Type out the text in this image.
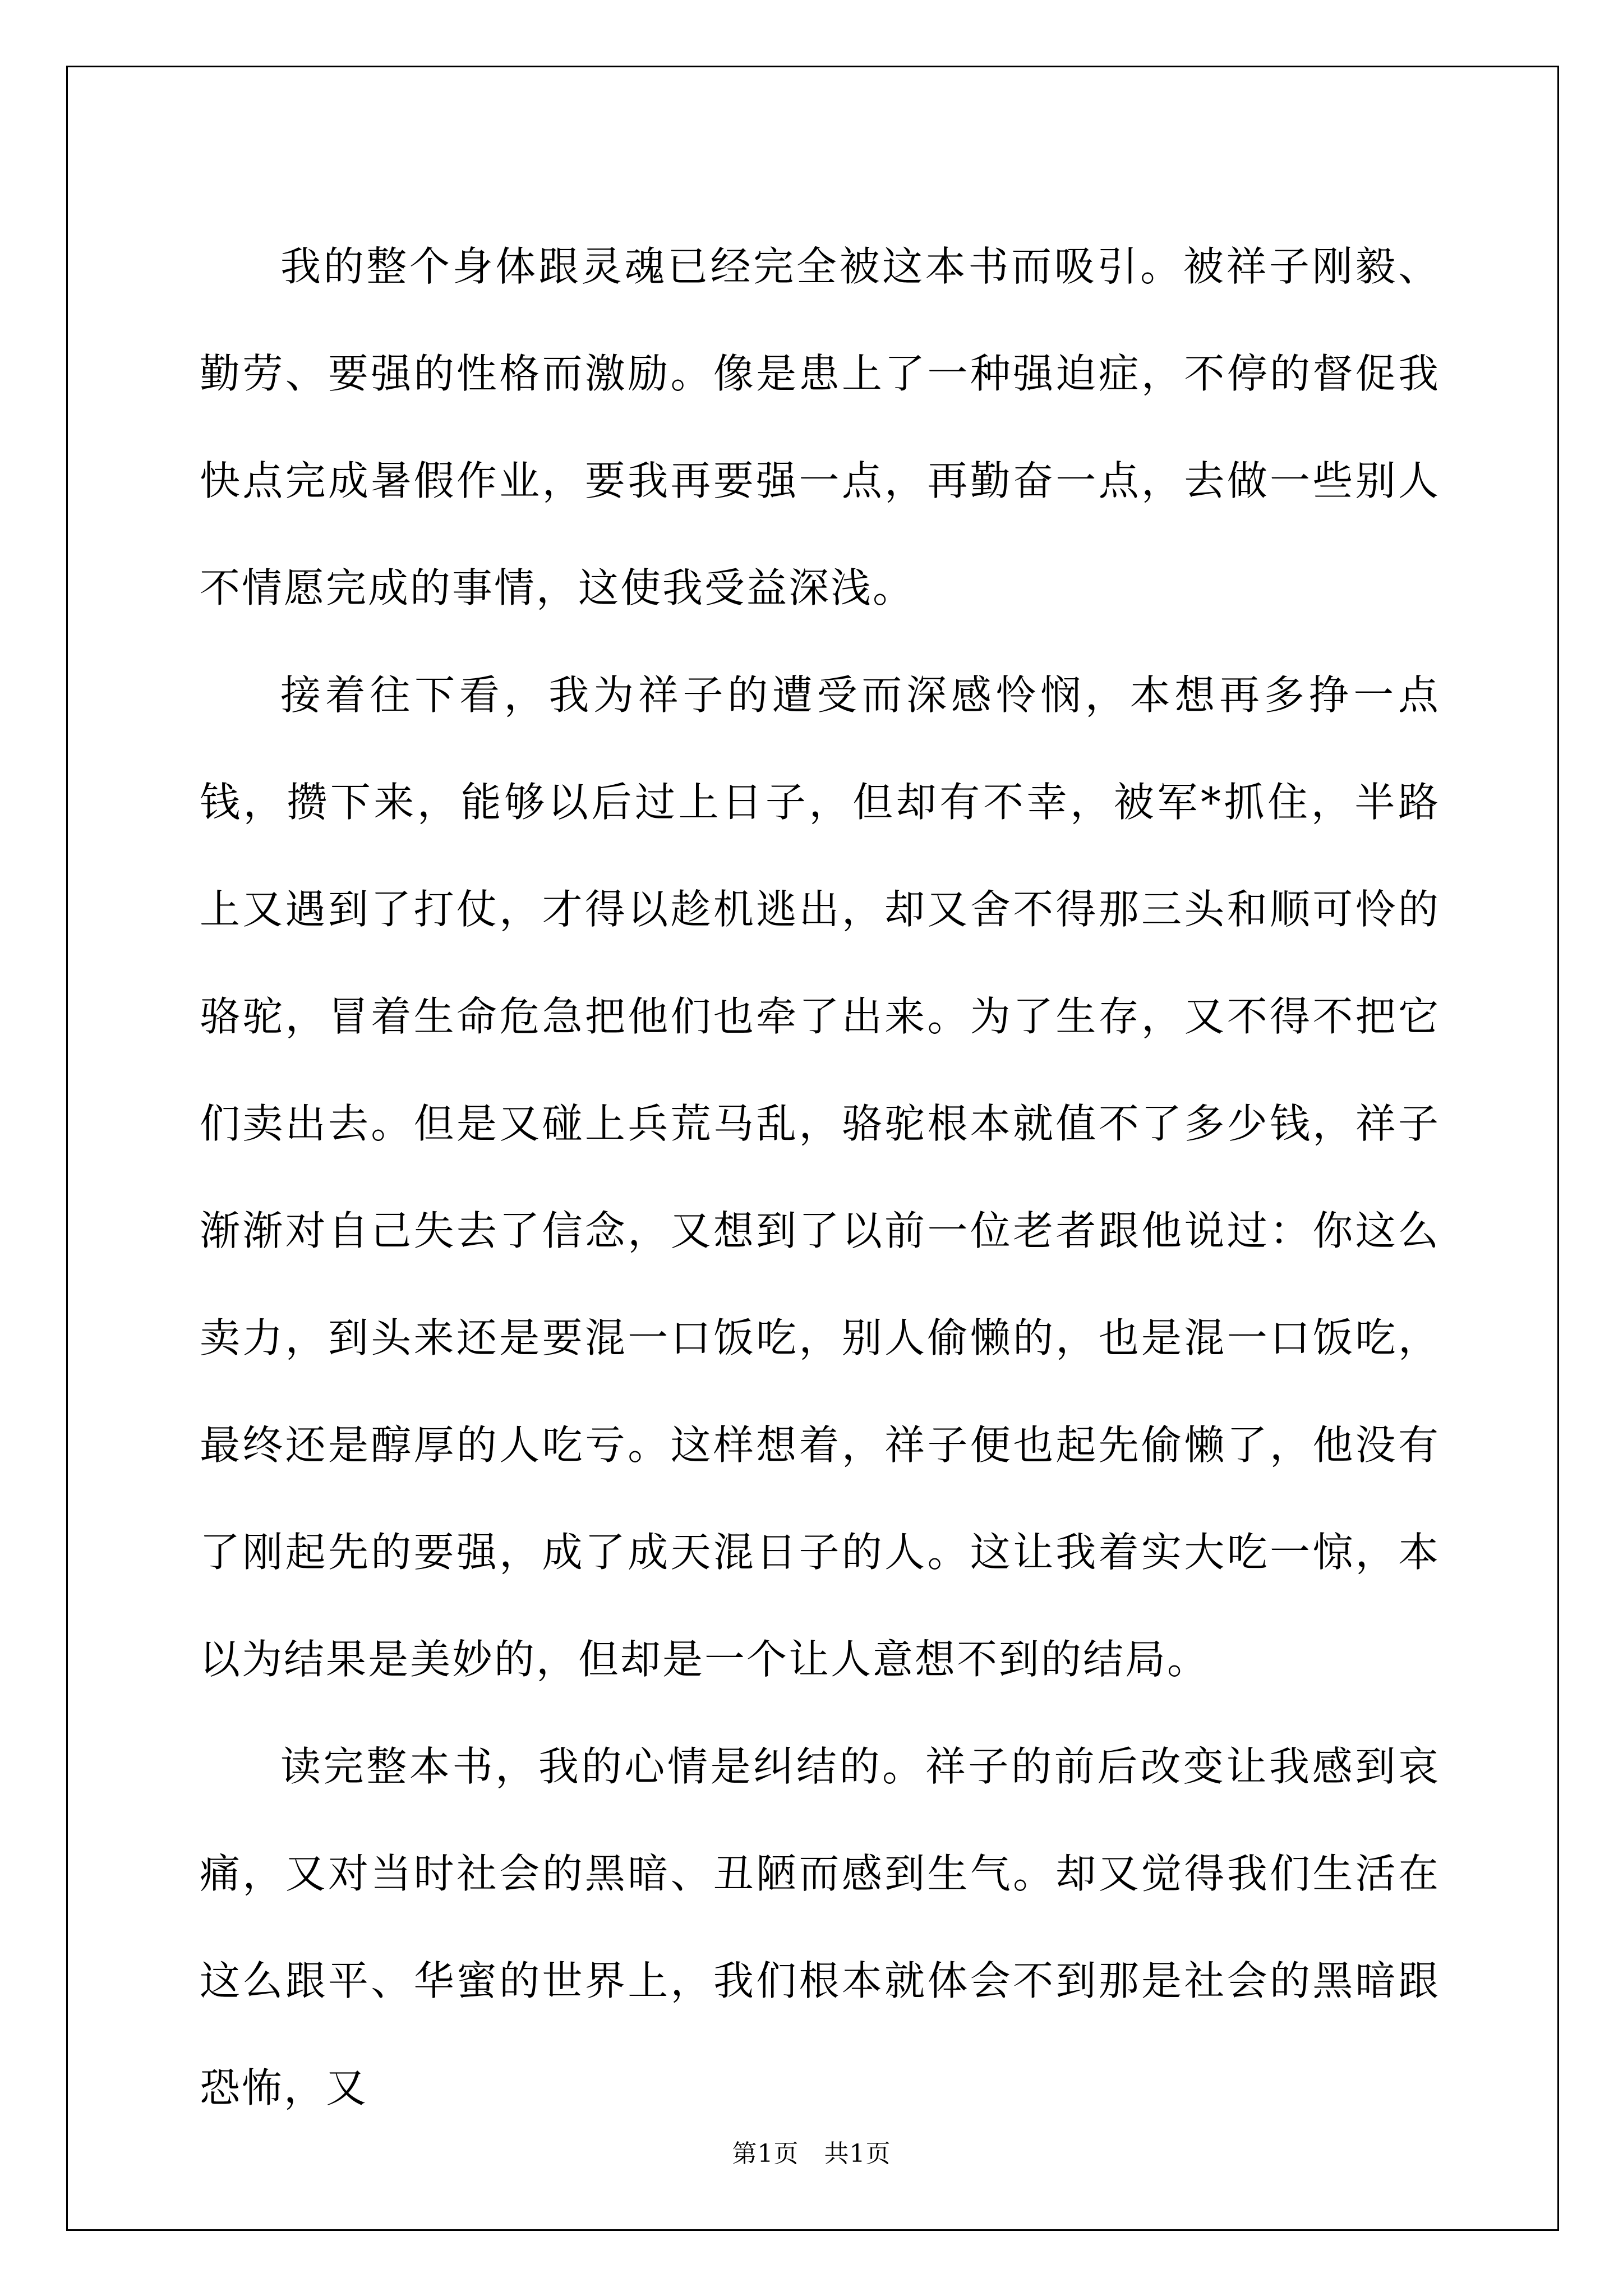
我的整个身体跟灵魂已经完全被这本书而吸引。被祥子刚毅、勤劳、要强的性格而激励。像是患上了一种强迫症，不停的督促我快点完成暑假作业，要我再要强一点，再勤奋一点，去做一些别人不情愿完成的事情，这使我受益深浅。

接着往下看，我为祥子的遭受而深感怜悯，本想再多挣一点钱，攒下来，能够以后过上日子，但却有不幸，被军*抓住，半路上又遇到了打仗，才得以趁机逃出，却又舍不得那三头和顺可怜的骆驼，冒着生命危急把他们也牵了出来。为了生存，又不得不把它们卖出去。但是又碰上兵荒马乱，骆驼根本就值不了多少钱，祥子渐渐对自己失去了信念，又想到了以前一位老者跟他说过：你这么卖力，到头来还是要混一口饭吃，别人偷懒的，也是混一口饭吃，最终还是醇厚的人吃亏。这样想着，祥子便也起先偷懒了，他没有了刚起先的要强，成了成天混日子的人。这让我着实大吃一惊，本以为结果是美妙的，但却是一个让人意想不到的结局。

读完整本书，我的心情是纠结的。祥子的前后改变让我感到哀痛，又对当时社会的黑暗、丑陋而感到生气。却又觉得我们生活在这么跟平、华蜜的世界上，我们根本就体会不到那是社会的黑暗跟恐怖，又

第1页 共1页
